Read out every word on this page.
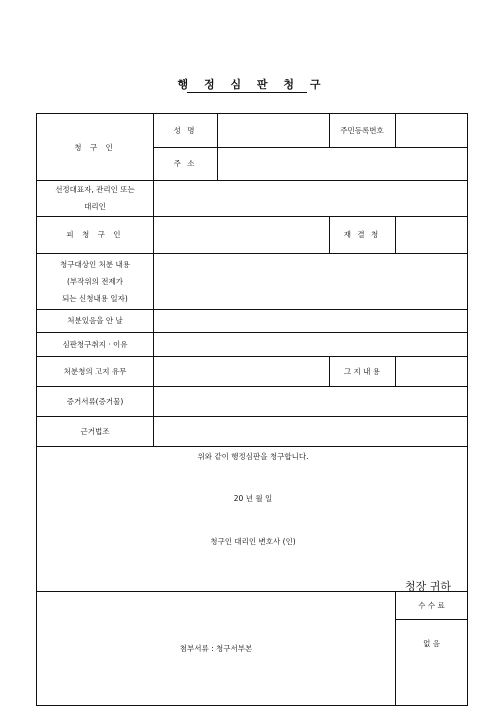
행 정 심 판 청 구
청 구 인
성 명	주민등록번호
주 소
선정대표자, 관리인 또는
대리인
피 청 구 인	재 결 청
청구대상인 처분 내용
(부작위의 전제가
되는 신청내용 일자)
처분있음을 안 날
심판청구취지 · 이유
처분청의 고지 유무	그 지 내 용
증거서류(증거물)
근거법조
위와 같이 행정심판을 청구합니다.
20 년 월 일
청구인 대리인 변호사 (인)
청장 귀하
첨부서류 : 청구서부본
수 수 료
없 음
